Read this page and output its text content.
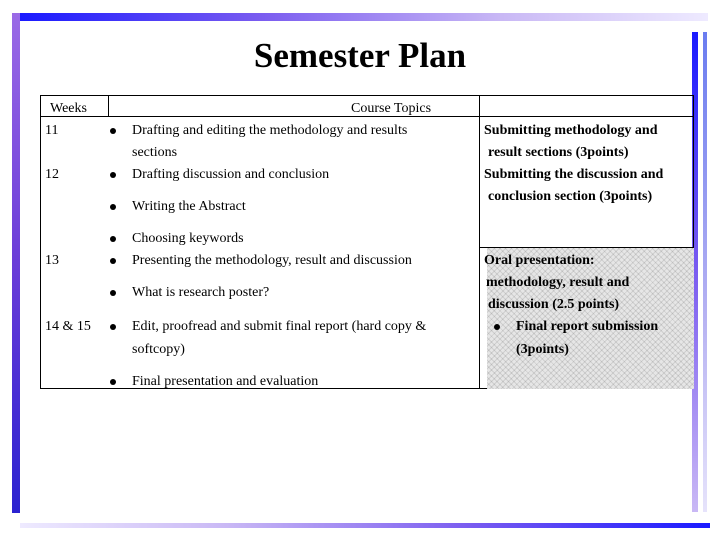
Semester Plan
Weeks	Course Topics
11
12
13
14 & 15
Drafting and editing the methodology and results
sections
Drafting discussion and conclusion
Writing the Abstract
Choosing keywords
Presenting the methodology, result and discussion
What is research poster?
Edit, proofread and submit final report (hard copy &
softcopy)
Final presentation and evaluation
Submitting methodology and
result sections (3points)
Submitting the discussion and
conclusion section (3points)
Oral presentation:
methodology, result and
discussion (2.5 points)
Final report submission
(3points)
